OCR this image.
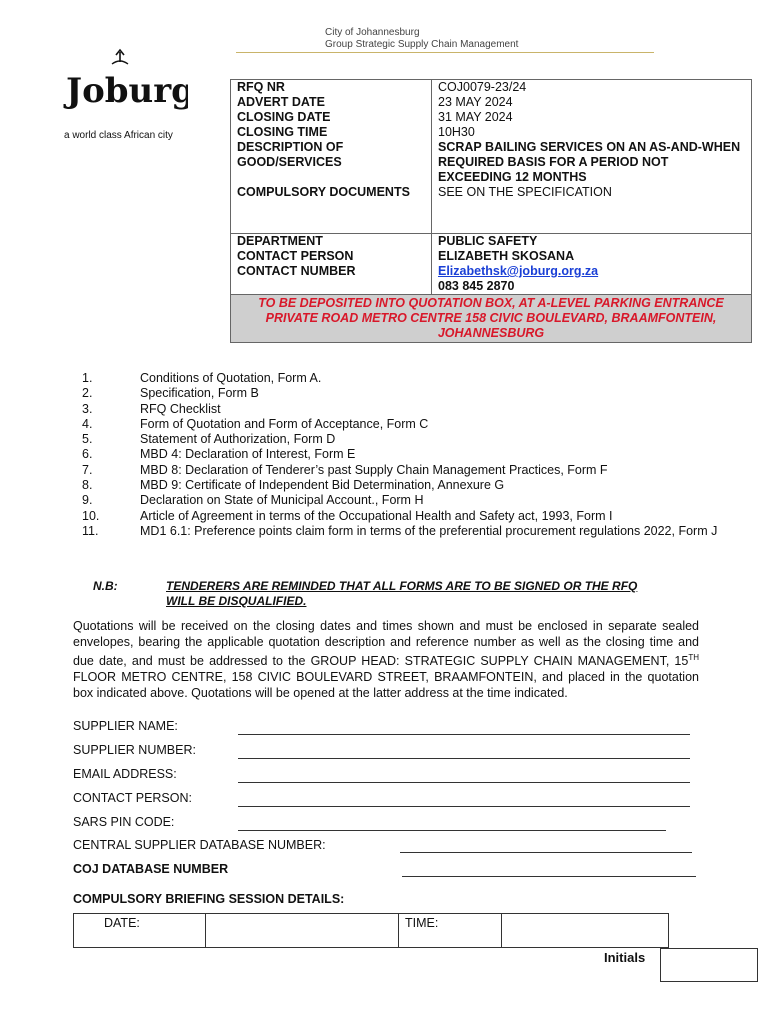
City of Johannesburg
Group Strategic Supply Chain Management
Joburg
a world class African city
RFQ NR	COJ0079-23/24
ADVERT DATE	23 MAY 2024
CLOSING DATE	31 MAY 2024
CLOSING TIME	10H30
DESCRIPTION OF GOOD/SERVICES	SCRAP BAILING SERVICES ON AN AS-AND-WHEN REQUIRED BASIS FOR A PERIOD NOT EXCEEDING 12 MONTHS
COMPULSORY DOCUMENTS	SEE ON THE SPECIFICATION
DEPARTMENT	PUBLIC SAFETY
CONTACT PERSON	ELIZABETH SKOSANA
CONTACT NUMBER	Elizabethsk@joburg.org.za
083 845 2870
TO BE DEPOSITED INTO QUOTATION BOX, AT A-LEVEL PARKING ENTRANCE PRIVATE ROAD METRO CENTRE 158 CIVIC BOULEVARD, BRAAMFONTEIN, JOHANNESBURG	
1.	Conditions of Quotation, Form A.
2.	Specification, Form B
3.	RFQ Checklist
4.	Form of Quotation and Form of Acceptance, Form C
5.	Statement of Authorization, Form D
6.	MBD 4: Declaration of Interest, Form E
7.	MBD 8: Declaration of Tenderer’s past Supply Chain Management Practices, Form F
8.	MBD 9: Certificate of Independent Bid Determination, Annexure G
9.	Declaration on State of Municipal Account., Form H
10.	Article of Agreement in terms of the Occupational Health and Safety act, 1993, Form I
11.	MD1 6.1: Preference points claim form in terms of the preferential procurement regulations 2022, Form J
N.B:	TENDERERS ARE REMINDED THAT ALL FORMS ARE TO BE SIGNED OR THE RFQ WILL BE DISQUALIFIED.
Quotations will be received on the closing dates and times shown and must be enclosed in separate sealed envelopes, bearing the applicable quotation description and reference number as well as the closing time and due date, and must be addressed to the GROUP HEAD: STRATEGIC SUPPLY CHAIN MANAGEMENT, 15TH FLOOR METRO CENTRE, 158 CIVIC BOULEVARD STREET, BRAAMFONTEIN, and placed in the quotation box indicated above. Quotations will be opened at the latter address at the time indicated.
SUPPLIER NAME:
SUPPLIER NUMBER:
EMAIL ADDRESS:
CONTACT PERSON:
SARS PIN CODE:
CENTRAL SUPPLIER DATABASE NUMBER:
COJ DATABASE NUMBER
COMPULSORY BRIEFING SESSION DETAILS:
DATE:		TIME:	
Initials
